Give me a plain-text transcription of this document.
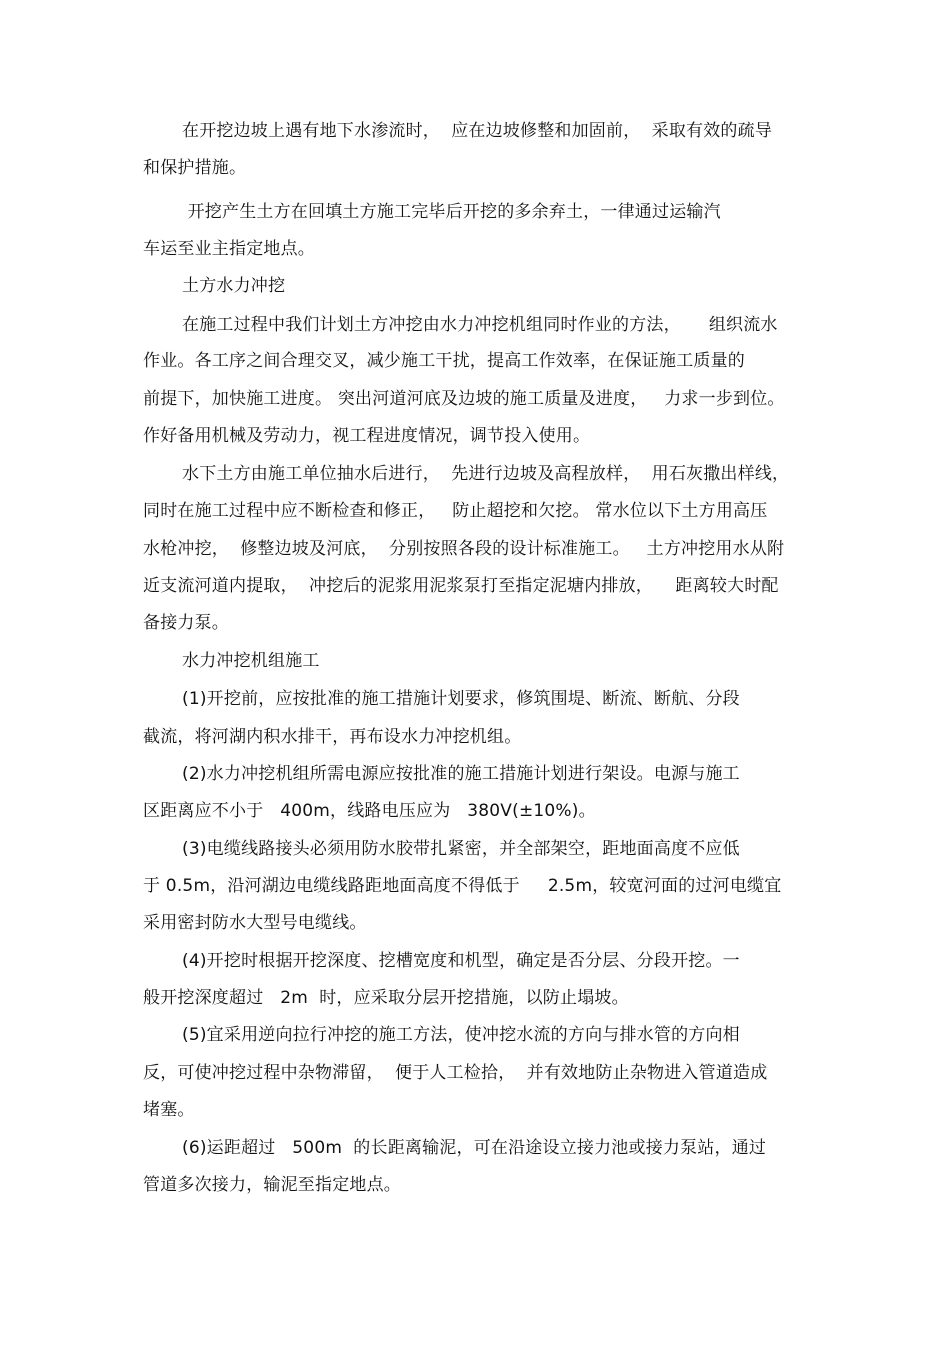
在开挖边坡上遇有地下水渗流时，  应在边坡修整和加固前，  采取有效的疏导
和保护措施。
开挖产生土方在回填土方施工完毕后开挖的多余弃土，一律通过运输汽
车运至业主指定地点。
土方水力冲挖
在施工过程中我们计划土方冲挖由水力冲挖机组同时作业的方法，     组织流水
作业。各工序之间合理交叉，减少施工干扰，提高工作效率，在保证施工质量的
前提下，加快施工进度。 突出河道河底及边坡的施工质量及进度，   力求一步到位。
作好备用机械及劳动力，视工程进度情况，调节投入使用。
水下土方由施工单位抽水后进行，  先进行边坡及高程放样，  用石灰撒出样线，
同时在施工过程中应不断检查和修正，   防止超挖和欠挖。 常水位以下土方用高压
水枪冲挖，  修整边坡及河底，  分别按照各段的设计标准施工。   土方冲挖用水从附
近支流河道内提取，  冲挖后的泥浆用泥浆泵打至指定泥塘内排放，    距离较大时配
备接力泵。
水力冲挖机组施工
(1)开挖前，应按批准的施工措施计划要求，修筑围堤、断流、断航、分段
截流，将河湖内积水排干，再布设水力冲挖机组。
(2)水力冲挖机组所需电源应按批准的施工措施计划进行架设。电源与施工
区距离应不小于   400m，线路电压应为   380V(±10%)。
(3)电缆线路接头必须用防水胶带扎紧密，并全部架空，距地面高度不应低
于 0.5m，沿河湖边电缆线路距地面高度不得低于     2.5m，较宽河面的过河电缆宜
采用密封防水大型号电缆线。
(4)开挖时根据开挖深度、挖槽宽度和机型，确定是否分层、分段开挖。一
般开挖深度超过   2m  时，应采取分层开挖措施，以防止塌坡。
(5)宜采用逆向拉行冲挖的施工方法，使冲挖水流的方向与排水管的方向相
反，可使冲挖过程中杂物滞留，  便于人工检拾，  并有效地防止杂物进入管道造成
堵塞。
(6)运距超过   500m  的长距离输泥，可在沿途设立接力池或接力泵站，通过
管道多次接力，输泥至指定地点。
